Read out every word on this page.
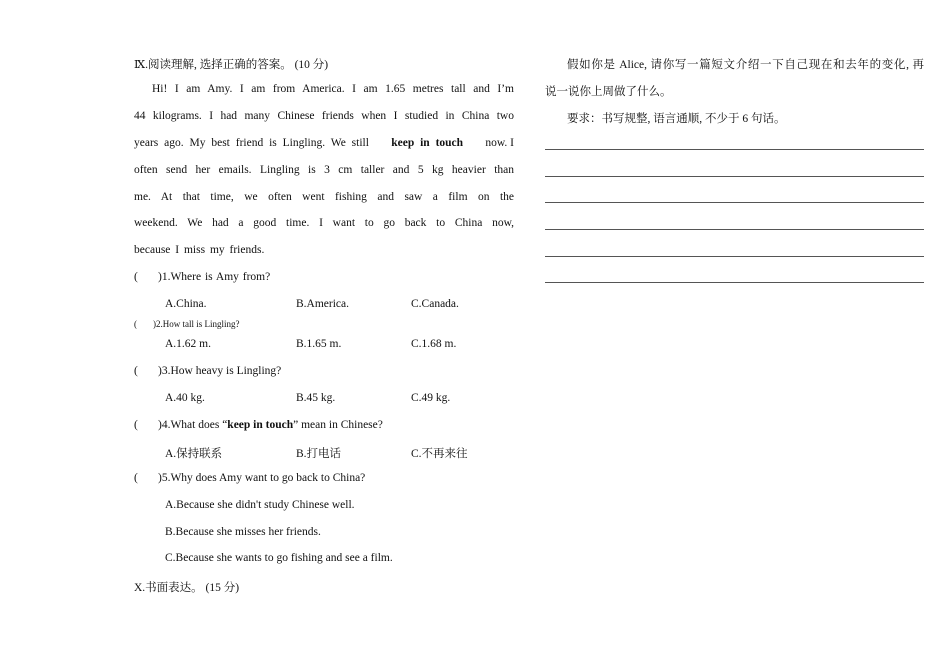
Ⅸ.阅读理解, 选择正确的答案。 (10 分)
Hi! I am Amy. I am from America. I am 1.65 metres tall and I’m
44 kilograms. I had many Chinese friends when I studied in China two
years ago. My best friend is Lingling. We still keep in touch now. I
often send her emails. Lingling is 3 cm taller and 5 kg heavier than
me. At that time, we often went fishing and saw a film on the
weekend. We had a good time. I want to go back to China now,
because I miss my friends.
( )1.Where is Amy from?
A.China.	B.America.	C.Canada.
( )2.How tall is Lingling?
A.1.62 m.	B.1.65 m.	C.1.68 m.
( )3.How heavy is Lingling?
A.40 kg.	B.45 kg.	C.49 kg.
( )4.What does “keep in touch” mean in Chinese?
A.保持联系	B.打电话	C.不再来往
( )5.Why does Amy want to go back to China?
A.Because she didn't study Chinese well.
B.Because she misses her friends.
C.Because she wants to go fishing and see a film.
X.书面表达。 (15 分)
假如你是 Alice, 请你写一篇短文介绍一下自己现在和去年的变化, 再
说一说你上周做了什么。
要求：书写规整, 语言通顺, 不少于 6 句话。
